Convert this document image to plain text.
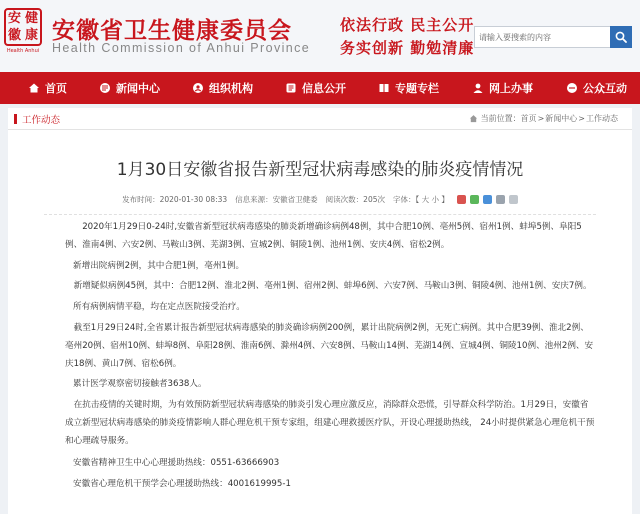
安 健
徽 康
Health Anhui
安徽省卫生健康委员会
Health Commission of Anhui Province
依法行政 民主公开
务实创新 勤勉清廉
请输入要搜索的内容
首页	新闻中心	组织机构	信息公开	专题专栏	网上办事	公众互动
工作动态	当前位置： 首页 > 新闻中心 > 工作动态
1月30日安徽省报告新型冠状病毒感染的肺炎疫情情况
发布时间：2020-01-30 08:33 信息来源：安徽省卫健委 阅读次数：205次 字体：【 大 小 】

2020年1月29日0-24时,安徽省新型冠状病毒感染的肺炎新增确诊病例48例，其中合肥10例、亳州5例、宿州1例、蚌埠5例、阜阳5例、淮南4例、六安2例、马鞍山3例、芜湖3例、宣城2例、铜陵1例、池州1例、安庆4例、宿松2例。

新增出院病例2例，其中合肥1例，亳州1例。

新增疑似病例45例，其中：合肥12例、淮北2例、亳州1例、宿州2例、蚌埠6例、六安7例、马鞍山3例、铜陵4例、池州1例、安庆7例。

所有病例病情平稳，均在定点医院接受治疗。

截至1月29日24时,全省累计报告新型冠状病毒感染的肺炎确诊病例200例，累计出院病例2例，无死亡病例。其中合肥39例、淮北2例、亳州20例、宿州10例、蚌埠8例、阜阳28例、淮南6例、滁州4例、六安8例、马鞍山14例、芜湖14例、宣城4例、铜陵10例、池州2例、安庆18例、黄山7例、宿松6例。

累计医学观察密切接触者3638人。

在抗击疫情的关键时期，为有效预防新型冠状病毒感染的肺炎引发心理应激反应，消除群众恐慌，引导群众科学防治。1月29日，安徽省成立新型冠状病毒感染的肺炎疫情影响人群心理危机干预专家组，组建心理救援医疗队，开设心理援助热线， 24小时提供紧急心理危机干预和心理疏导服务。

安徽省精神卫生中心心理援助热线：0551-63666903

安徽省心理危机干预学会心理援助热线：4001619995-1
